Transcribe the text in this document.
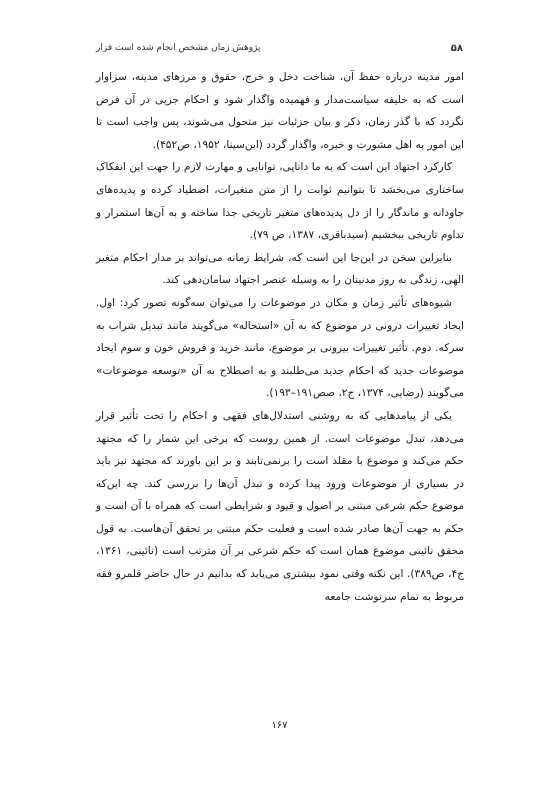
۵۸
پژوهش زمان مشخص انجام شده است فزار

امور مدینه درباره حفظ آن، شناخت دخل و خرج، حقوق و مرزهای مدینه، سزاوار است که به خلیفه سیاست‌مدار و فهمیده واگذار شود و احکام جزیی در آن فرض نگردد که با گذر زمان، ذکر و بیان جزئیات نیز متحول می‌شوند، پس واجب است تا این امور به اهل مشورت و خبره، واگذار گردد (ابن‌سینا، ۱۹۵۲، ص۴۵۲).

کارکرد اجتهاد این است که به ما دانایی، توانایی و مهارت لازم را جهت این انفکاک ساختاری می‌بخشد تا بتوانیم ثوابت را از متن متغیرات، اصطیاد کرده و پدیده‌های جاودانه و ماندگار را از دل پدیده‌های متغیر تاریخی جدا ساخته و به آن‌ها استمرار و تداوم تاریخی ببخشیم (سیدباقری، ۱۳۸۷، ص ۷۹).

بنابراین سخن در این‌جا این است که، شرایط زمانه می‌تواند بر مدار احکام متغیر الهی، زندگی به روز مدنیتان را به وسیله عنصر اجتهاد سامان‌دهی کند.

شیوه‌های تأثیر زمان و مکان در موضوعات را می‌توان سه‌گونه تصور کرد: اول. ایجاد تغییرات درونی در موضوع که به آن «استحاله» می‌گویند مانند تبدیل شراب به سرکه. دوم. تأثیر تغییرات بیرونی بر موضوع، مانند خرید و فروش خون و سوم ایجاد موضوعات جدید که احکام جدید می‌طلبند و به اصطلاح به آن «توسعه موضوعات» می‌گویند (رضایی، ۱۳۷۴، ج۲، صص۱۹۱–۱۹۳).

یکی از پیامدهایی که به روشنی استدلال‌های فقهی و احکام را تحت تأثیر قرار می‌دهد، تبدل موضوعات است. از همین روست که برخی این شمار را که مجتهد حکم می‌کند و موضوع با مقلد است را برنمی‌تابند و بر این باورند که مجتهد نیز باید در بسیاری از موضوعات ورود پیدا کرده و تبدل آن‌ها را بررسی کند. چه این‌که موضوع حکم شرعی مبتنی بر اصول و قیود و شرایطی است که همراه با آن است و حکم به جهت آن‌ها صادر شده است و فعلیت حکم مبتنی بر تحقق آن‌هاست. به قول محقق نائینی موضوع همان است که حکم شرعی بر آن مترتب است (نائینی، ۱۳۶۱، ج۴، ص۳۸۹). این نکته وقتی نمود بیشتری می‌یابد که بدانیم در حال حاضر قلمرو فقه مربوط به تمام سرنوشت جامعه

۱۶۷
